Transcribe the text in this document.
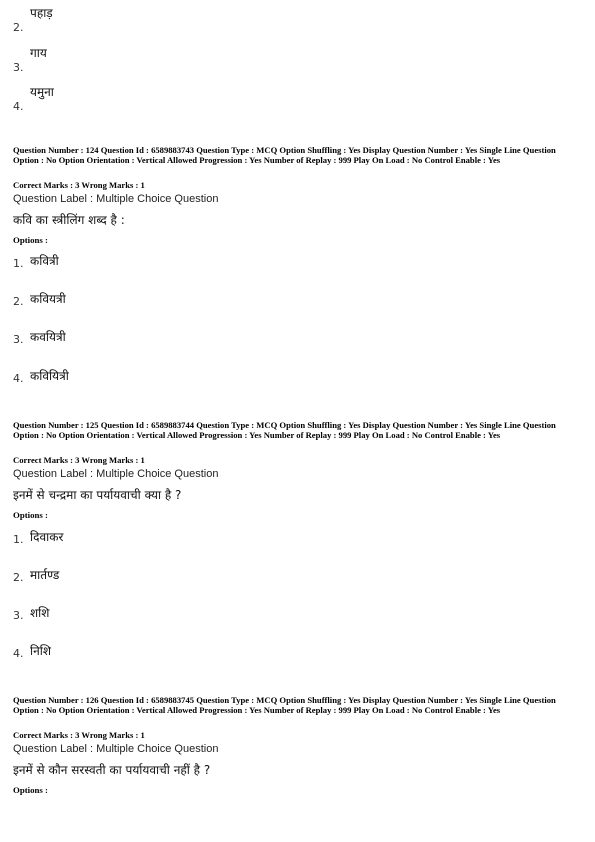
2.
पहाड़
3.
गाय
4.
यमुना
Question Number : 124 Question Id : 6589883743 Question Type : MCQ Option Shuffling : Yes Display Question Number : Yes Single Line Question Option : No Option Orientation : Vertical Allowed Progression : Yes Number of Replay : 999 Play On Load : No Control Enable : Yes
Correct Marks : 3 Wrong Marks : 1
Question Label : Multiple Choice Question
कवि का स्त्रीलिंग शब्द है :
Options :
1. कवित्री
2. कवियत्री
3. कवयित्री
4. कवियित्री
Question Number : 125 Question Id : 6589883744 Question Type : MCQ Option Shuffling : Yes Display Question Number : Yes Single Line Question Option : No Option Orientation : Vertical Allowed Progression : Yes Number of Replay : 999 Play On Load : No Control Enable : Yes
Correct Marks : 3 Wrong Marks : 1
Question Label : Multiple Choice Question
इनमें से चन्द्रमा का पर्यायवाची क्या है ?
Options :
1. दिवाकर
2. मार्तण्ड
3. शशि
4. निशि
Question Number : 126 Question Id : 6589883745 Question Type : MCQ Option Shuffling : Yes Display Question Number : Yes Single Line Question Option : No Option Orientation : Vertical Allowed Progression : Yes Number of Replay : 999 Play On Load : No Control Enable : Yes
Correct Marks : 3 Wrong Marks : 1
Question Label : Multiple Choice Question
इनमें से कौन सरस्वती का पर्यायवाची नहीं है ?
Options :
